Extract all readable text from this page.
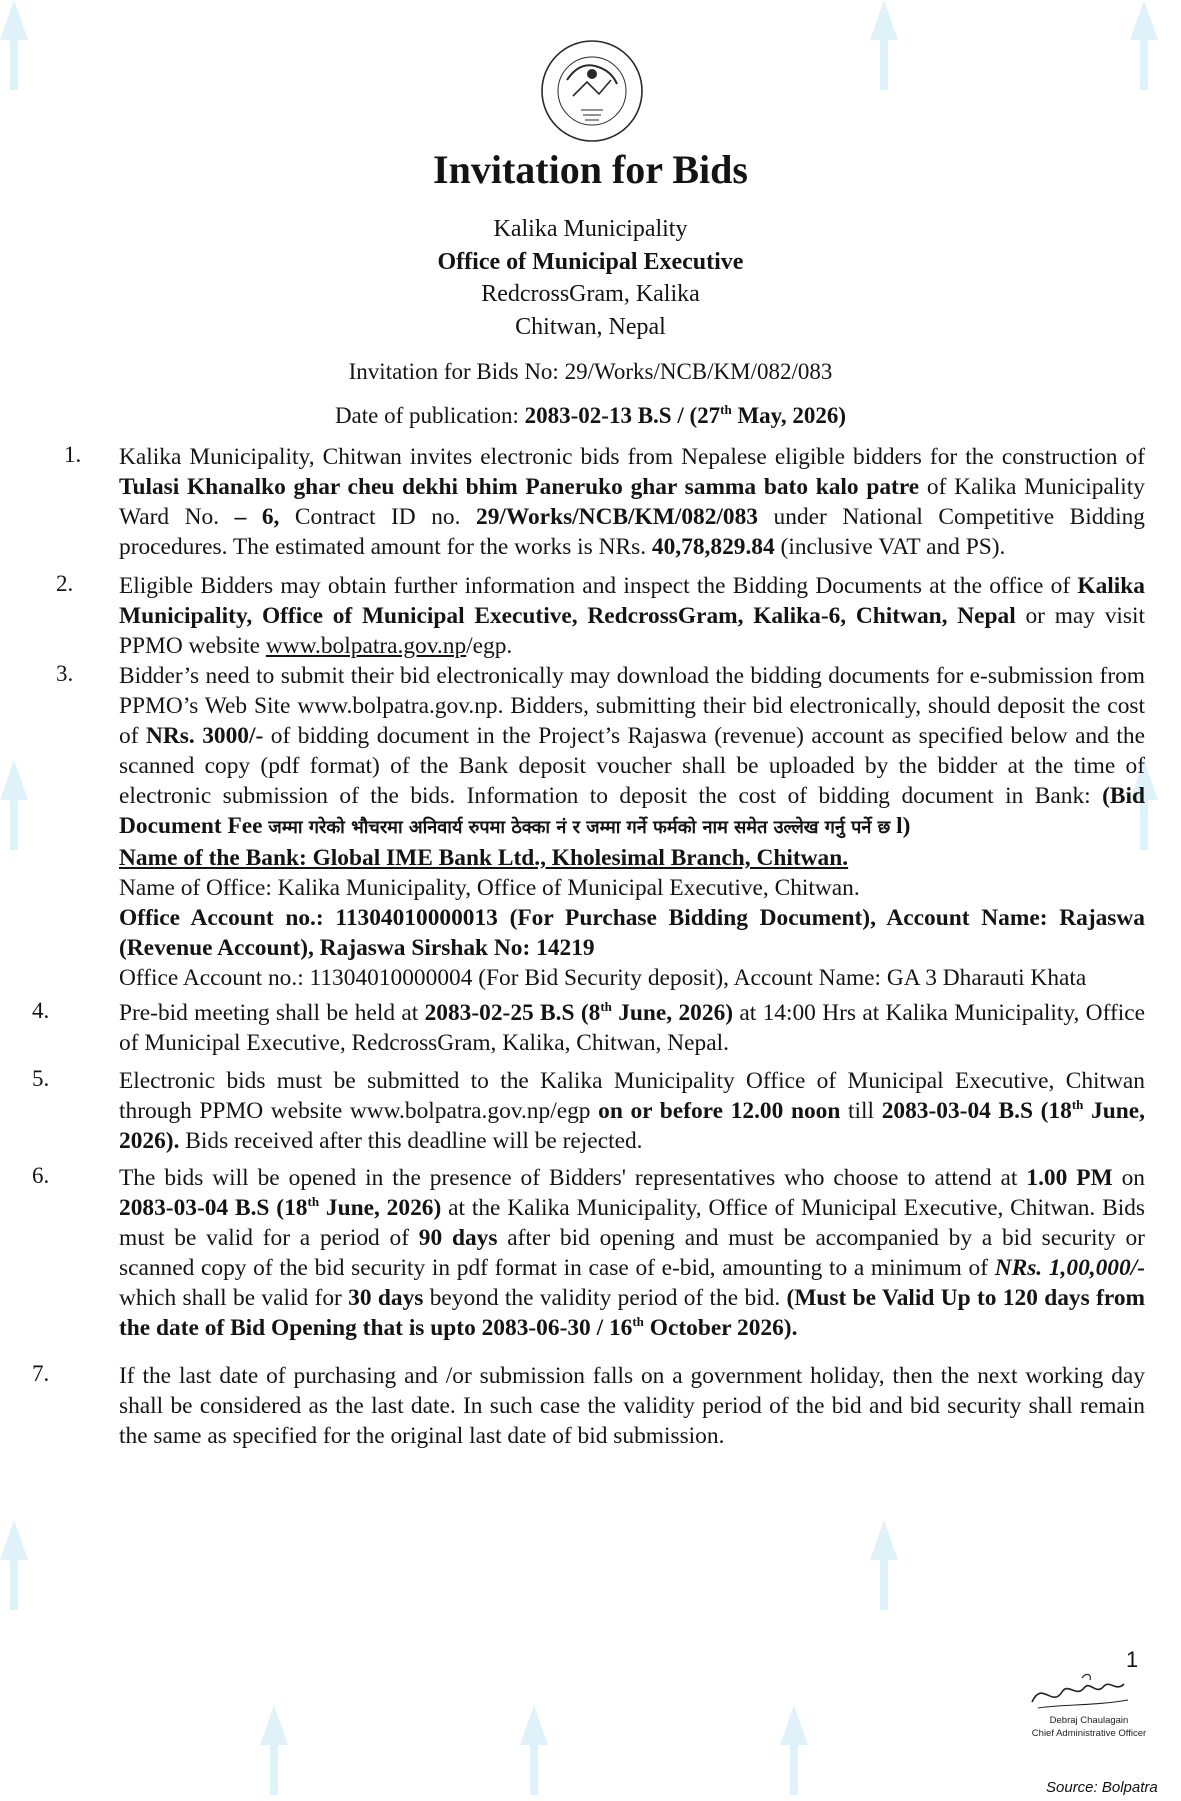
Invitation for Bids
Kalika Municipality
Office of Municipal Executive
RedcrossGram, Kalika
Chitwan, Nepal
Invitation for Bids No: 29/Works/NCB/KM/082/083
Date of publication: 2083-02-13 B.S / (27th May, 2026)
1. Kalika Municipality, Chitwan invites electronic bids from Nepalese eligible bidders for the construction of Tulasi Khanalko ghar cheu dekhi bhim Paneruko ghar samma bato kalo patre of Kalika Municipality Ward No. – 6, Contract ID no. 29/Works/NCB/KM/082/083 under National Competitive Bidding procedures. The estimated amount for the works is NRs. 40,78,829.84 (inclusive VAT and PS).

2. Eligible Bidders may obtain further information and inspect the Bidding Documents at the office of Kalika Municipality, Office of Municipal Executive, RedcrossGram, Kalika-6, Chitwan, Nepal or may visit PPMO website www.bolpatra.gov.np/egp.

3. Bidder’s need to submit their bid electronically may download the bidding documents for e-submission from PPMO’s Web Site www.bolpatra.gov.np. Bidders, submitting their bid electronically, should deposit the cost of NRs. 3000/- of bidding document in the Project’s Rajaswa (revenue) account as specified below and the scanned copy (pdf format) of the Bank deposit voucher shall be uploaded by the bidder at the time of electronic submission of the bids. Information to deposit the cost of bidding document in Bank: (Bid Document Fee जम्मा गरेको भौचरमा अनिवार्य रुपमा ठेक्का नं र जम्मा गर्ने फर्मको नाम समेत उल्लेख गर्नु पर्ने छ l)

Name of the Bank: Global IME Bank Ltd., Kholesimal Branch, Chitwan.

Name of Office: Kalika Municipality, Office of Municipal Executive, Chitwan.

Office Account no.: 11304010000013 (For Purchase Bidding Document), Account Name: Rajaswa (Revenue Account), Rajaswa Sirshak No: 14219

Office Account no.: 11304010000004 (For Bid Security deposit), Account Name: GA 3 Dharauti Khata

4.	Pre-bid meeting shall be held at 2083-02-25 B.S (8th June, 2026) at 14:00 Hrs at Kalika Municipality, Office of Municipal Executive, RedcrossGram, Kalika, Chitwan, Nepal.

5.	Electronic bids must be submitted to the Kalika Municipality Office of Municipal Executive, Chitwan through PPMO website www.bolpatra.gov.np/egp on or before 12.00 noon till 2083-03-04 B.S (18th June, 2026). Bids received after this deadline will be rejected.

6.	The bids will be opened in the presence of Bidders' representatives who choose to attend at 1.00 PM on 2083-03-04 B.S (18th June, 2026) at the Kalika Municipality, Office of Municipal Executive, Chitwan. Bids must be valid for a period of 90 days after bid opening and must be accompanied by a bid security or scanned copy of the bid security in pdf format in case of e-bid, amounting to a minimum of NRs. 1,00,000/- which shall be valid for 30 days beyond the validity period of the bid. (Must be Valid Up to 120 days from the date of Bid Opening that is upto 2083-06-30 / 16th October 2026).

7.	If the last date of purchasing and /or submission falls on a government holiday, then the next working day shall be considered as the last date. In such case the validity period of the bid and bid security shall remain the same as specified for the original last date of bid submission.

1
Debraj Chaulagain
Chief Administrative Officer
Source: Bolpatra
